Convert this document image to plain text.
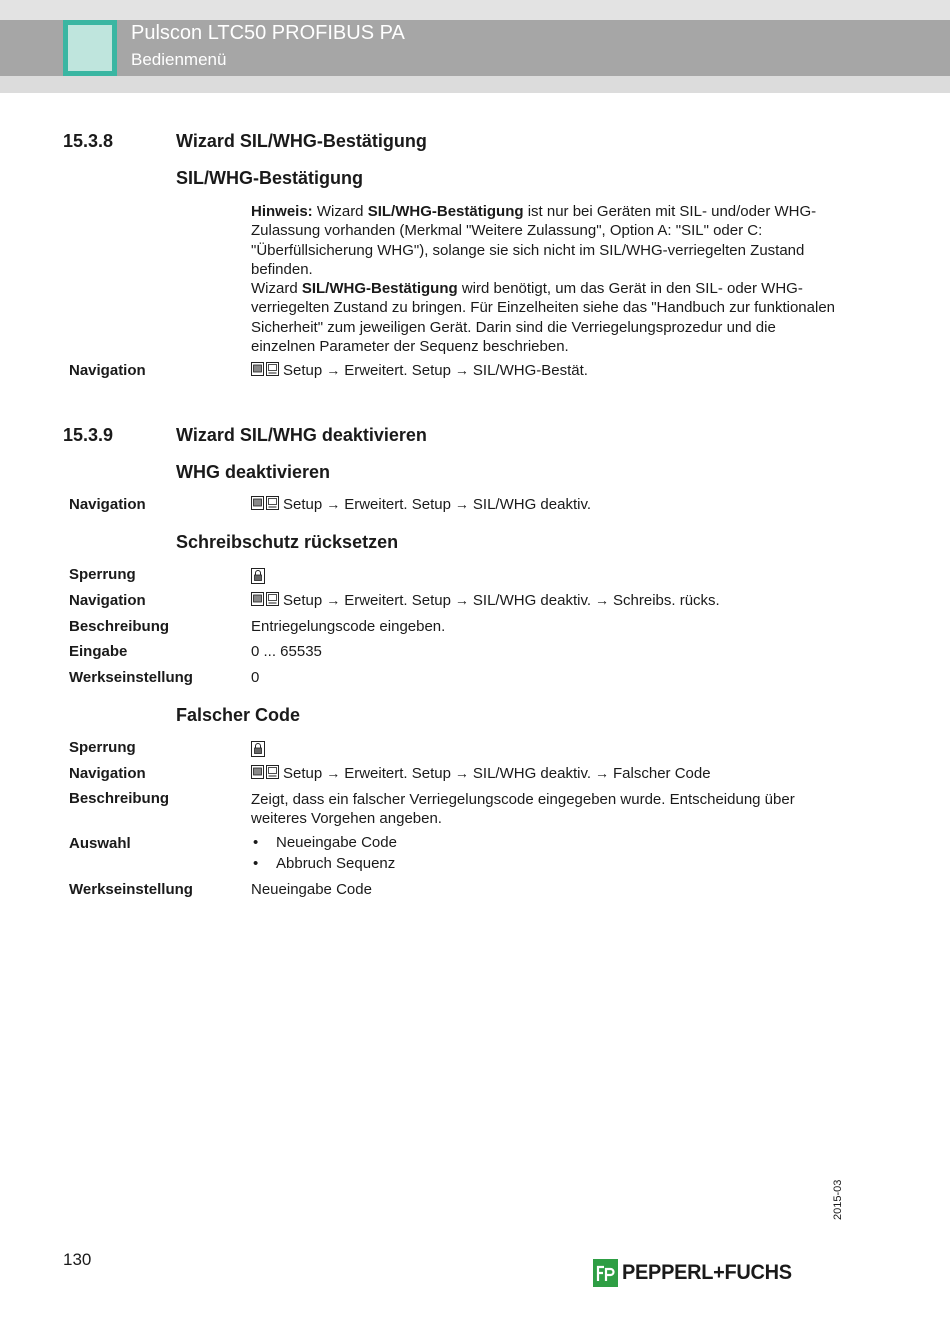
Pulscon LTC50 PROFIBUS PA
Bedienmenü
15.3.8	Wizard SIL/WHG-Bestätigung
SIL/WHG-Bestätigung

Hinweis: Wizard SIL/WHG-Bestätigung ist nur bei Geräten mit SIL- und/oder WHG-Zulassung vorhanden (Merkmal "Weitere Zulassung", Option A: "SIL" oder C: "Überfüllsicherung WHG"), solange sie sich nicht im SIL/WHG-verriegelten Zustand befinden.

Wizard SIL/WHG-Bestätigung wird benötigt, um das Gerät in den SIL- oder WHG-verriegelten Zustand zu bringen. Für Einzelheiten siehe das "Handbuch zur funktionalen Sicherheit" zum jeweiligen Gerät. Darin sind die Verriegelungsprozedur und die einzelnen Parameter der Sequenz beschrieben.

Navigation	Setup → Erweitert. Setup → SIL/WHG-Bestät.
15.3.9	Wizard SIL/WHG deaktivieren
WHG deaktivieren
Navigation	Setup → Erweitert. Setup → SIL/WHG deaktiv.
Schreibschutz rücksetzen
Sperrung
Navigation	Setup → Erweitert. Setup → SIL/WHG deaktiv. → Schreibs. rücks.
Beschreibung	Entriegelungscode eingeben.
Eingabe	0 ... 65535
Werkseinstellung	0
Falscher Code
Sperrung
Navigation	Setup → Erweitert. Setup → SIL/WHG deaktiv. → Falscher Code
Beschreibung	Zeigt, dass ein falscher Verriegelungscode eingegeben wurde. Entscheidung über weiteres Vorgehen angeben.
Auswahl
•	Neueingabe Code
• Abbruch Sequenz
Werkseinstellung	Neueingabe Code
130
2015-03
PEPPERL+FUCHS
